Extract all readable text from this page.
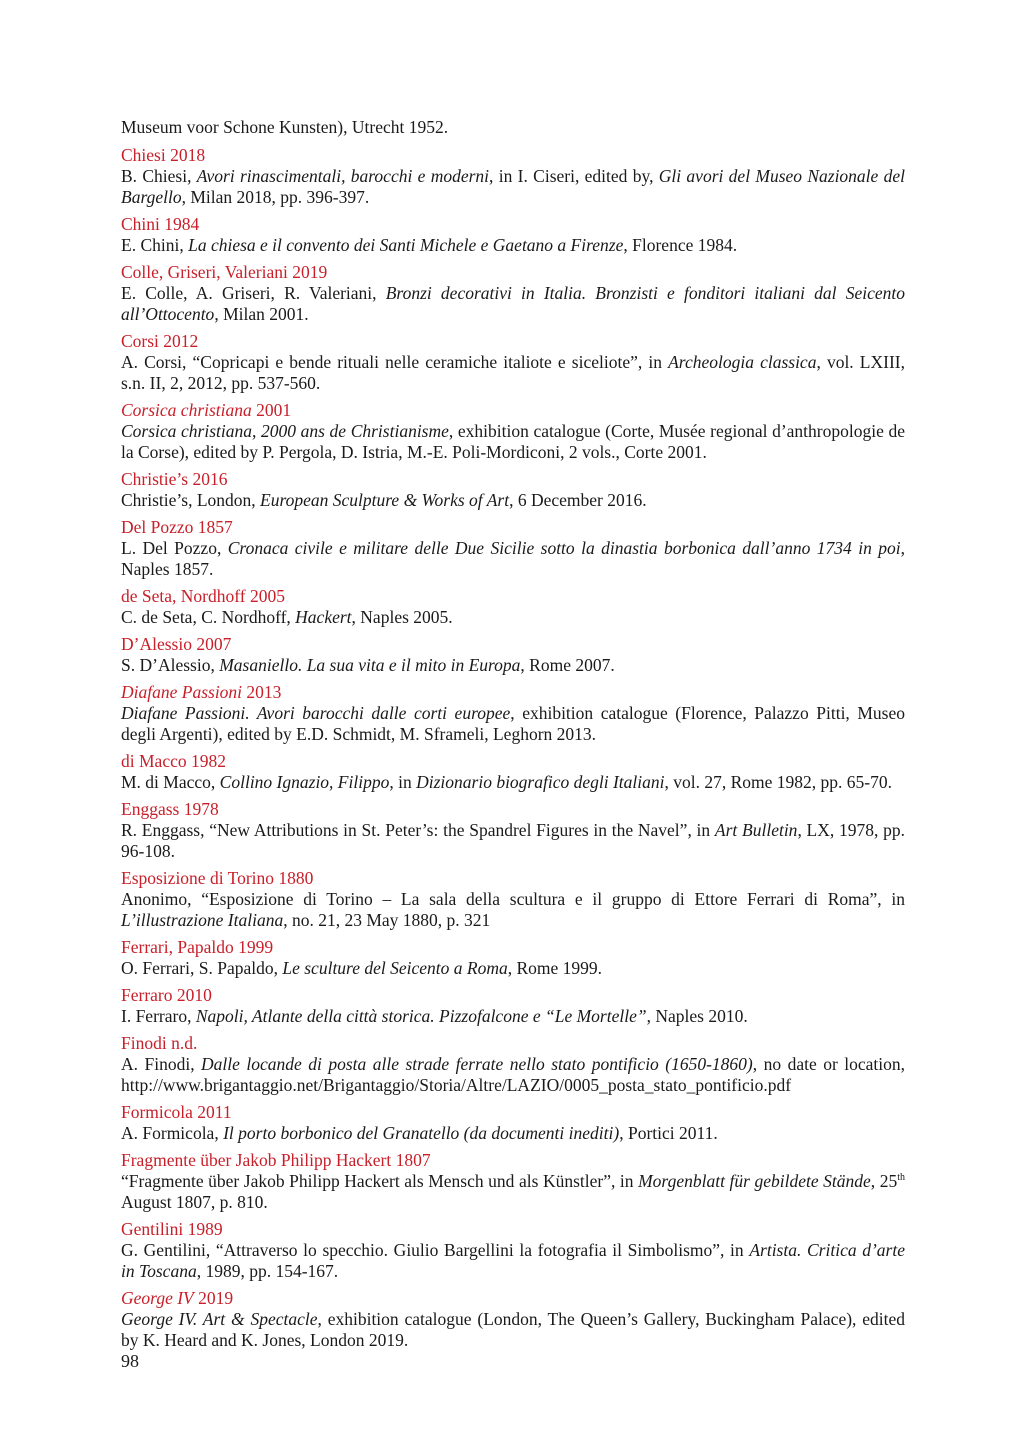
Museum voor Schone Kunsten), Utrecht 1952.
Chiesi 2018
B. Chiesi, Avori rinascimentali, barocchi e moderni, in I. Ciseri, edited by, Gli avori del Museo Nazionale del Bargello, Milan 2018, pp. 396-397.
Chini 1984
E. Chini, La chiesa e il convento dei Santi Michele e Gaetano a Firenze, Florence 1984.
Colle, Griseri, Valeriani 2019
E. Colle, A. Griseri, R. Valeriani, Bronzi decorativi in Italia. Bronzisti e fonditori italiani dal Seicento all’Ottocento, Milan 2001.
Corsi 2012
A. Corsi, “Copricapi e bende rituali nelle ceramiche italiote e siceliote”, in Archeologia classica, vol. LXIII, s.n. II, 2, 2012, pp. 537-560.
Corsica christiana 2001
Corsica christiana, 2000 ans de Christianisme, exhibition catalogue (Corte, Musée regional d’anthropologie de la Corse), edited by P. Pergola, D. Istria, M.-E. Poli-Mordiconi, 2 vols., Corte 2001.
Christie’s 2016
Christie’s, London, European Sculpture & Works of Art, 6 December 2016.
Del Pozzo 1857
L. Del Pozzo, Cronaca civile e militare delle Due Sicilie sotto la dinastia borbonica dall’anno 1734 in poi, Naples 1857.
de Seta, Nordhoff 2005
C. de Seta, C. Nordhoff, Hackert, Naples 2005.
D’Alessio 2007
S. D’Alessio, Masaniello. La sua vita e il mito in Europa, Rome 2007.
Diafane Passioni 2013
Diafane Passioni. Avori barocchi dalle corti europee, exhibition catalogue (Florence, Palazzo Pitti, Museo degli Argenti), edited by E.D. Schmidt, M. Sframeli, Leghorn 2013.
di Macco 1982
M. di Macco, Collino Ignazio, Filippo, in Dizionario biografico degli Italiani, vol. 27, Rome 1982, pp. 65-70.
Enggass 1978
R. Enggass, “New Attributions in St. Peter’s: the Spandrel Figures in the Navel”, in Art Bulletin, LX, 1978, pp. 96-108.
Esposizione di Torino 1880
Anonimo, “Esposizione di Torino – La sala della scultura e il gruppo di Ettore Ferrari di Roma”, in L’illustrazione Italiana, no. 21, 23 May 1880, p. 321
Ferrari, Papaldo 1999
O. Ferrari, S. Papaldo, Le sculture del Seicento a Roma, Rome 1999.
Ferraro 2010
I. Ferraro, Napoli, Atlante della città storica. Pizzofalcone e “Le Mortelle”, Naples 2010.
Finodi n.d.
A. Finodi, Dalle locande di posta alle strade ferrate nello stato pontificio (1650-1860), no date or location, http://www.brigantaggio.net/Brigantaggio/Storia/Altre/LAZIO/0005_posta_stato_pontificio.pdf
Formicola 2011
A. Formicola, Il porto borbonico del Granatello (da documenti inediti), Portici 2011.
Fragmente über Jakob Philipp Hackert 1807
“Fragmente über Jakob Philipp Hackert als Mensch und als Künstler”, in Morgenblatt für gebildete Stände, 25th August 1807, p. 810.
Gentilini 1989
G. Gentilini, “Attraverso lo specchio. Giulio Bargellini la fotografia il Simbolismo”, in Artista. Critica d’arte in Toscana, 1989, pp. 154-167.
George IV 2019
George IV. Art & Spectacle, exhibition catalogue (London, The Queen’s Gallery, Buckingham Palace), edited by K. Heard and K. Jones, London 2019.
98
